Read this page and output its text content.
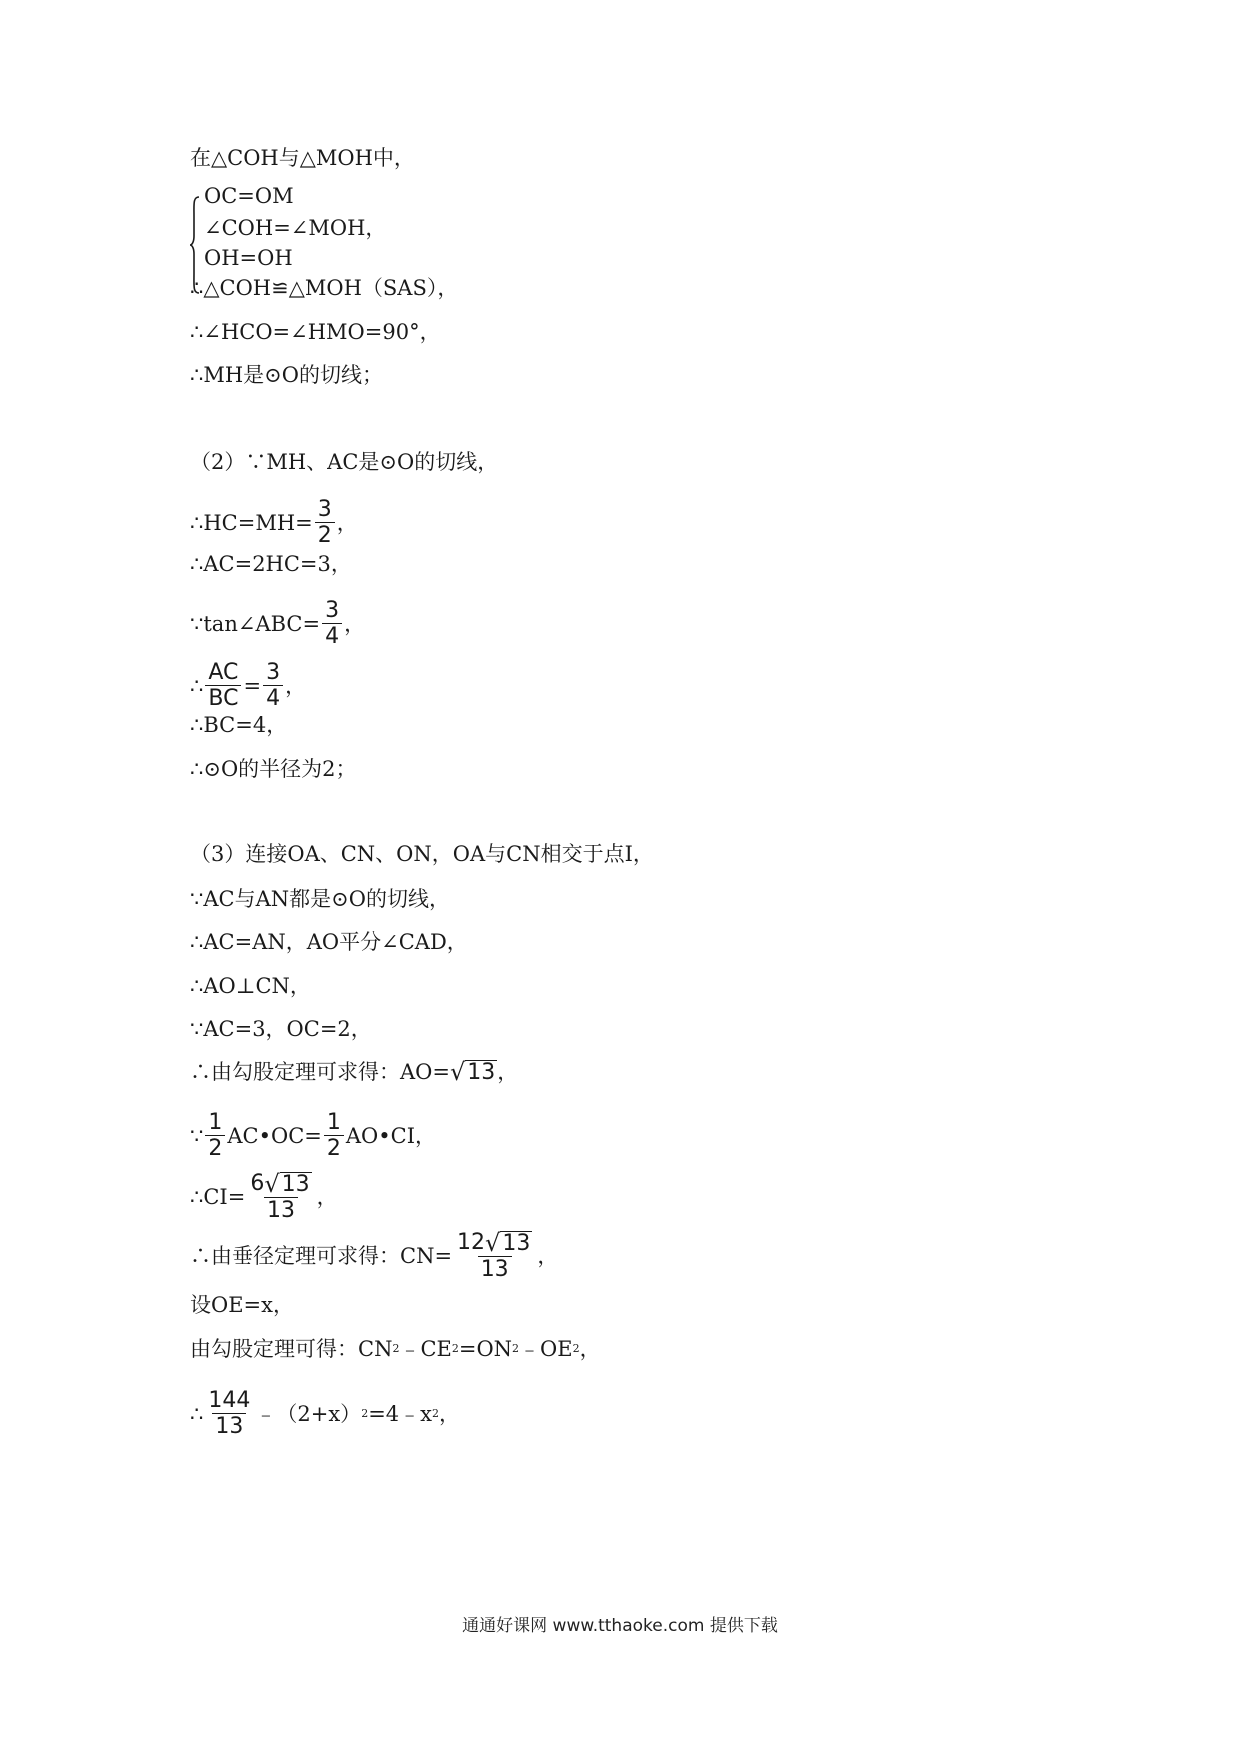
在△COH与△MOH中，
OC=OM
∠COH=∠MOH，
OH=OH
∴△COH≌△MOH（SAS），
∴∠HCO=∠HMO=90°，
∴MH是⊙O的切线；
（2）∵MH、AC是⊙O的切线，
∴HC=MH= $\frac{3}{2}$ ，
∴AC=2HC=3，
∵tan∠ABC= $\frac{3}{4}$ ，
∴ $\frac{AC}{BC} = \frac{3}{4}$ ，
∴BC=4，
∴⊙O的半径为2；
（3）连接OA、CN、ON，OA与CN相交于点I，
∵AC与AN都是⊙O的切线，
∴AC=AN，AO平分∠CAD，
∴AO⊥CN，
∵AC=3，OC=2，
∴由勾股定理可求得：AO= √ 13 ，
∵ $\frac{1}{2}$ AC•OC= $\frac{1}{2}$ AO•CI，
∴CI= $\frac{6 √ 13}{13}$ ，
∴由垂径定理可求得：$CN= \frac{12 √ 13}{13}$ ，
设OE=x，
由勾股定理可得：CN 2 ﹣CE 2 =ON 2 ﹣OE 2 ，
∴ $\frac{144}{13}$ ﹣（2+x） 2 =4﹣x 2 ，
通通好课网 www.tthaoke.com 提供下载
